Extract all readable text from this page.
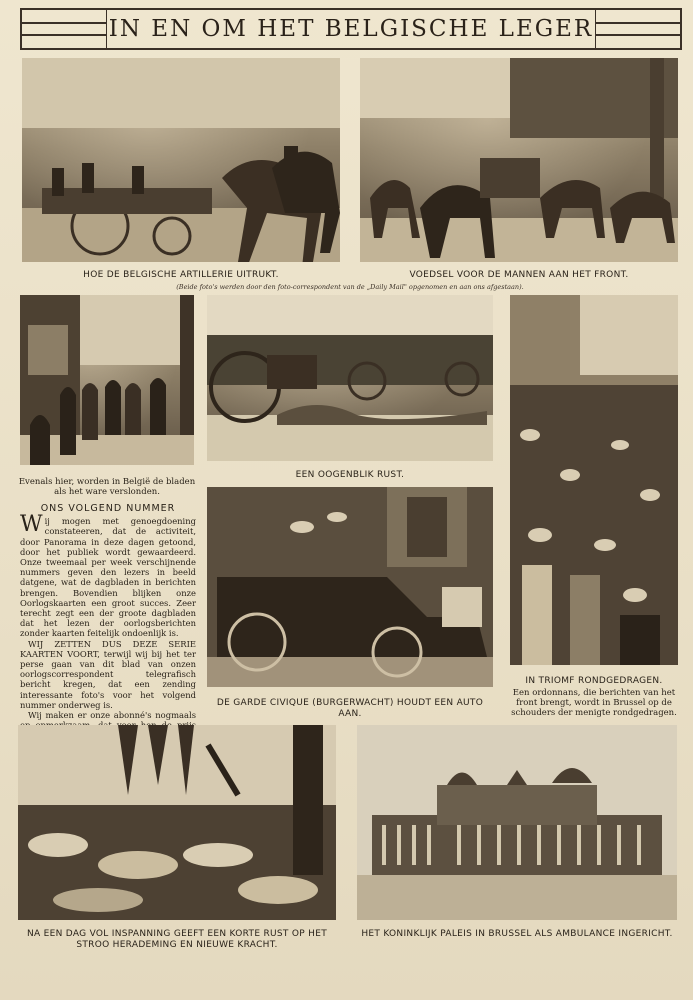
IN EN OM HET BELGISCHE LEGER
HOE DE BELGISCHE ARTILLERIE UITRUKT.	VOEDSEL VOOR DE MANNEN AAN HET FRONT.
(Beide foto's werden door den foto-correspondent van de „Daily Mail" opgenomen en aan ons afgestaan).
Evenals hier, worden in België de bladen als het ware verslonden.
EEN OOGENBLIK RUST.
IN TRIOMF RONDGEDRAGEN.
Een ordonnans, die berichten van het front brengt, wordt in Brussel op de schouders der menigte rondgedragen.
ONS VOLGEND NUMMER

Wij mogen met genoegdoening constateeren, dat de activiteit, door Panorama in deze dagen getoond, door het publiek wordt gewaardeerd. Onze tweemaal per week verschijnende nummers geven den lezers in beeld datgene, wat de dagbladen in berichten brengen. Bovendien blijken onze Oorlogskaarten een groot succes. Zeer terecht zegt een der groote dagbladen dat het lezen der oorlogsberichten zonder kaarten feitelijk ondoenlijk is.

WIJ ZETTEN DUS DEZE SERIE KAARTEN VOORT, terwijl wij bij het ter perse gaan van dit blad van onzen oorlogscorrespondent telegrafisch bericht kregen, dat een zending interessante foto's voor het volgend nummer onderweg is.

Wij maken er onze abonné's nogmaals

DE GARDE CIVIQUE (BURGERWACHT) HOUDT EEN AUTO AAN.
NA EEN DAG VOL INSPANNING GEEFT EEN KORTE RUST OP HET STROO HERADEMING EN NIEUWE KRACHT.
HET KONINKLIJK PALEIS IN BRUSSEL ALS AMBULANCE INGERICHT.
